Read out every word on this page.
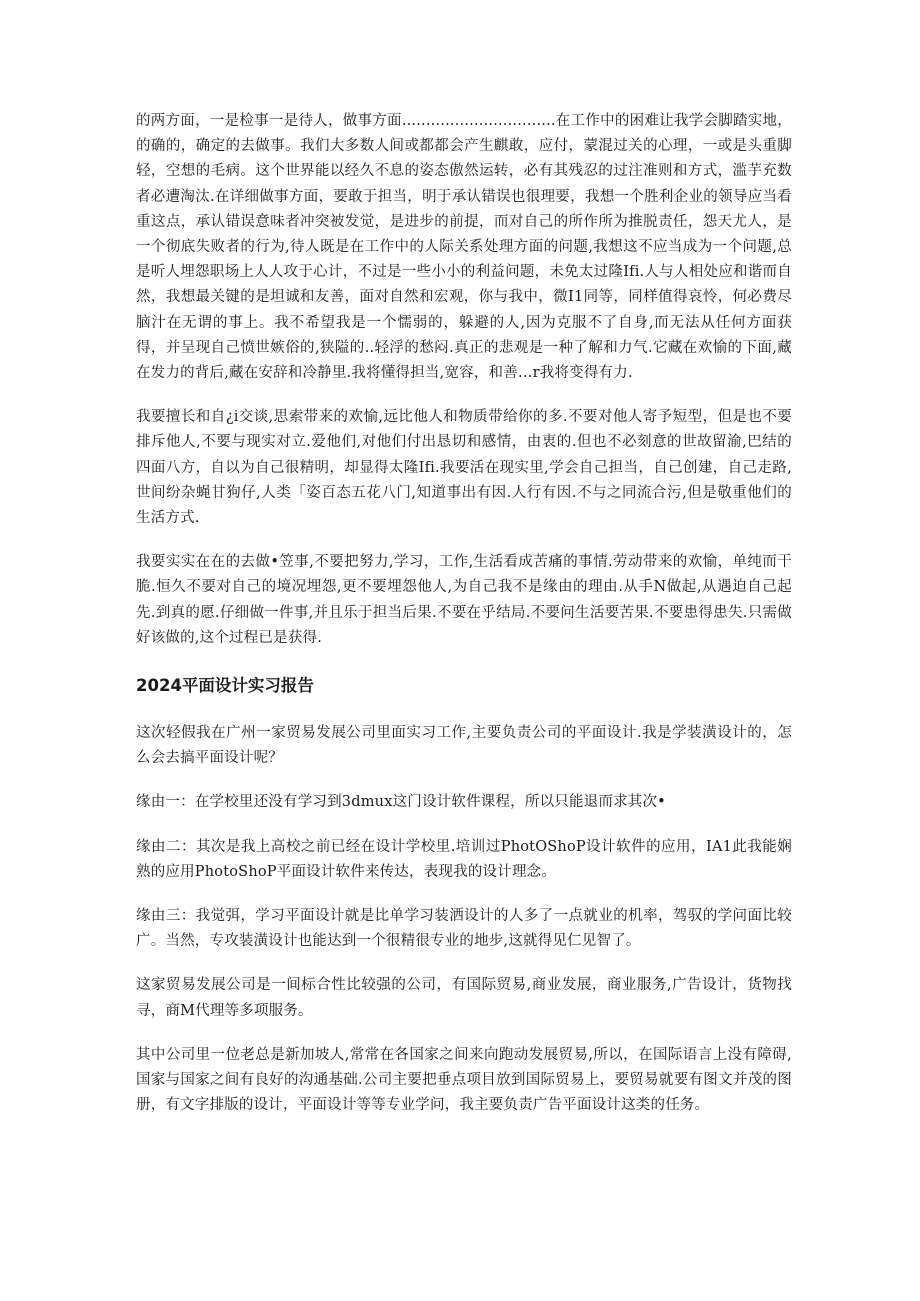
的两方面，一是检事一是待人，做事方面................................在工作中的困难让我学会脚踏实地，的确的，确定的去做事。我们大多数人间或都都会产生麒敢，应付，蒙混过关的心理，一或是头重脚轻，空想的毛病。这个世界能以经久不息的姿态傲然运转，必有其残忍的过注准则和方式，滥芋充数者必遭淘汰.在详细做事方面，要敢于担当，明于承认错误也很理要，我想一个胜利企业的领导应当看重这点，承认错误意味者冲突被发觉，是进步的前提，而对自己的所作所为推脱责任，怨天尤人，是一个彻底失败者的行为,待人既是在工作中的人际关系处理方面的问题,我想这不应当成为一个问题,总是听人埋怨职场上人人攻于心计，不过是一些小小的利益问题，未免太过隆Ifi.人与人相处应和谐而自然，我想最关键的是坦诚和友善，面对自然和宏观，你与我中，微I1同等，同样值得哀怜，何必费尽脑汁在无谓的事上。我不希望我是一个懦弱的，躲避的人,因为克服不了自身,而无法从任何方面获得，并呈现自己愤世嫉俗的,狭隘的..轻浮的愁闷.真正的悲观是一种了解和力气.它藏在欢愉的下面,藏在发力的背后,藏在安辞和冷静里.我将懂得担当,宽容，和善…r我将变得有力.

我要擅长和自¿i交谈,思索带来的欢愉,远比他人和物质带给你的多.不要对他人寄予短型，但是也不要排斥他人,不要与现实对立.爱他们,对他们付出恳切和感情，由衷的.但也不必刻意的世故留渝,巴结的四面八方，自以为自己很精明，却显得太隆Ifi.我要活在现实里,学会自己担当，自己创建，自己走路,世间纷杂蝇甘狗仔,人类「姿百态五花八门,知道事出有因.人行有因.不与之同流合污,但是敬重他们的生活方式.

我要实实在在的去做•笠事,不要把努力,学习，工作,生活看成苦痛的事情.劳动带来的欢愉，单纯而干脆.恒久不要对自己的境况埋怨,更不要埋怨他人,为自己我不是缘由的理由.从手N做起,从遇迫自己起先.到真的愿.仔细做一件事,并且乐于担当后果.不要在乎结局.不要问生活要苦果.不要患得患失.只需做好该做的,这个过程已是获得.

2024平面设计实习报告

这次轻假我在广州一家贸易发展公司里面实习工作,主要负责公司的平面设计.我是学装潢设计的，怎么会去搞平面设计呢？

缘由一：在学校里还没有学习到3dmux这门设计软件课程，所以只能退而求其次•

缘由二：其次是我上高校之前已经在设计学校里.培训过PhotOShoP设计软件的应用，IA1此我能娴熟的应用PhotoShoP平面设计软件来传达，表现我的设计理念。

缘由三：我觉弭，学习平面设计就是比单学习装洒设计的人多了一点就业的机率，驾驭的学问面比较广。当然，专攻装潢设计也能达到一个很精很专业的地步,这就得见仁见智了。

这家贸易发展公司是一间标合性比较强的公司，有国际贸易,商业发展，商业服务,广告设计，货物找寻，商M代理等多项服务。

其中公司里一位老总是新加坡人,常常在各国家之间来向跑动发展贸易,所以，在国际语言上没有障碍,国家与国家之间有良好的沟通基础.公司主要把垂点项目放到国际贸易上，要贸易就要有图文并茂的图册，有文字排版的设计，平面设计等等专业学问，我主要负责广告平面设计这类的任务。
